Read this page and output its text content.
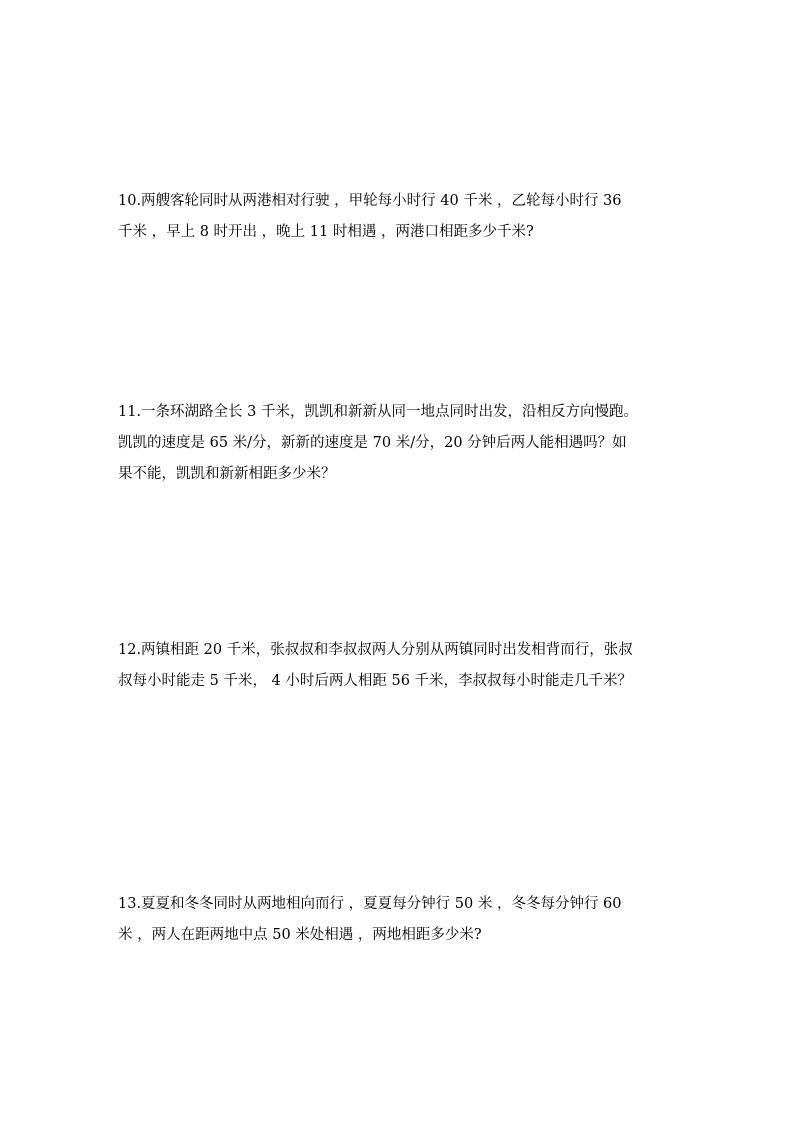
10.两艘客轮同时从两港相对行驶 ，甲轮每小时行 40 千米 ，乙轮每小时行 36
千米 ，早上 8 时开出 ，晚上 11 时相遇 ，两港口相距多少千米?
11.一条环湖路全长 3 千米，凯凯和新新从同一地点同时出发，沿相反方向慢跑。
凯凯的速度是 65 米/分，新新的速度是 70 米/分，20 分钟后两人能相遇吗？如
果不能，凯凯和新新相距多少米？
12.两镇相距 20 千米，张叔叔和李叔叔两人分别从两镇同时出发相背而行，张叔
叔每小时能走 5 千米， 4 小时后两人相距 56 千米，李叔叔每小时能走几千米？
13.夏夏和冬冬同时从两地相向而行 ，夏夏每分钟行 50 米 ，冬冬每分钟行 60
米 ，两人在距两地中点 50 米处相遇 ，两地相距多少米?
